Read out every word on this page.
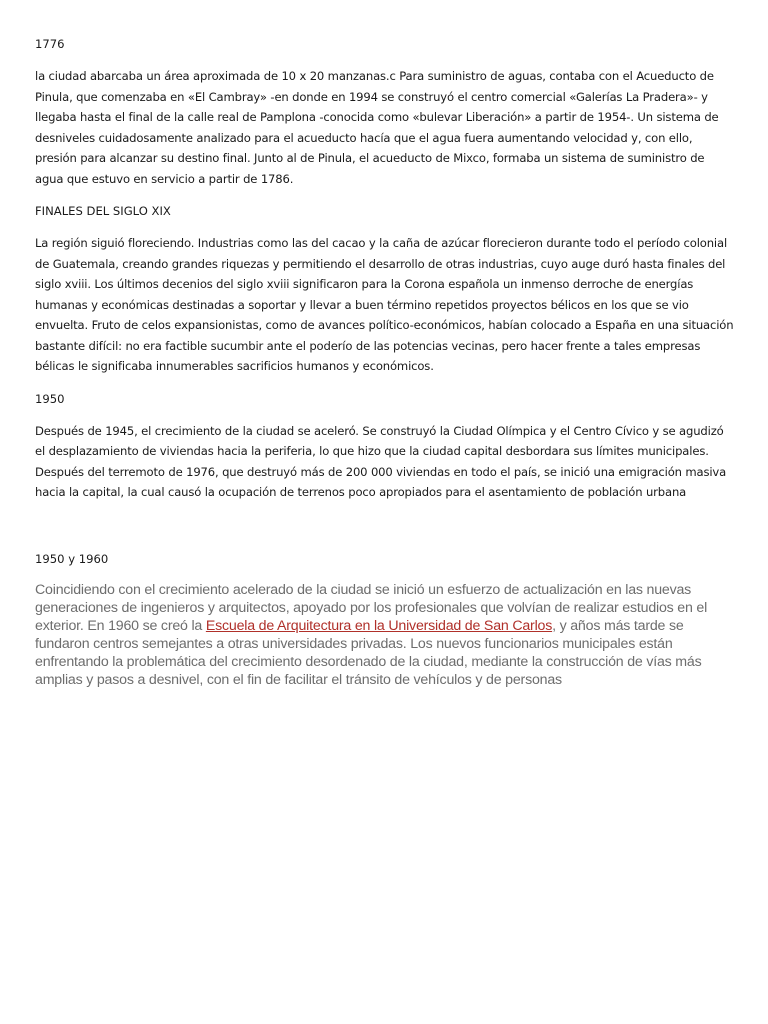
1776

la ciudad abarcaba un área aproximada de 10 x 20 manzanas.c Para suministro de aguas, contaba con el Acueducto de Pinula, que comenzaba en «El Cambray» -en donde en 1994 se construyó el centro comercial «Galerías La Pradera»- y llegaba hasta el final de la calle real de Pamplona -conocida como «bulevar Liberación» a partir de 1954-. Un sistema de desniveles cuidadosamente analizado para el acueducto hacía que el agua fuera aumentando velocidad y, con ello, presión para alcanzar su destino final. Junto al de Pinula, el acueducto de Mixco, formaba un sistema de suministro de agua que estuvo en servicio a partir de 1786.

FINALES DEL SIGLO XIX

La región siguió floreciendo. Industrias como las del cacao y la caña de azúcar florecieron durante todo el período colonial de Guatemala, creando grandes riquezas y permitiendo el desarrollo de otras industrias, cuyo auge duró hasta finales del siglo xviii. Los últimos decenios del siglo xviii significaron para la Corona española un inmenso derroche de energías humanas y económicas destinadas a soportar y llevar a buen término repetidos proyectos bélicos en los que se vio envuelta. Fruto de celos expansionistas, como de avances político-económicos, habían colocado a España en una situación bastante difícil: no era factible sucumbir ante el poderío de las potencias vecinas, pero hacer frente a tales empresas bélicas le significaba innumerables sacrificios humanos y económicos.

1950

Después de 1945, el crecimiento de la ciudad se aceleró. Se construyó la Ciudad Olímpica y el Centro Cívico y se agudizó el desplazamiento de viviendas hacia la periferia, lo que hizo que la ciudad capital desbordara sus límites municipales. Después del terremoto de 1976, que destruyó más de 200 000 viviendas en todo el país, se inició una emigración masiva hacia la capital, la cual causó la ocupación de terrenos poco apropiados para el asentamiento de población urbana

1950 y 1960

Coincidiendo con el crecimiento acelerado de la ciudad se inició un esfuerzo de actualización en las nuevas generaciones de ingenieros y arquitectos, apoyado por los profesionales que volvían de realizar estudios en el exterior. En 1960 se creó la Escuela de Arquitectura en la Universidad de San Carlos, y años más tarde se fundaron centros semejantes a otras universidades privadas. Los nuevos funcionarios municipales están enfrentando la problemática del crecimiento desordenado de la ciudad, mediante la construcción de vías más amplias y pasos a desnivel, con el fin de facilitar el tránsito de vehículos y de personas
